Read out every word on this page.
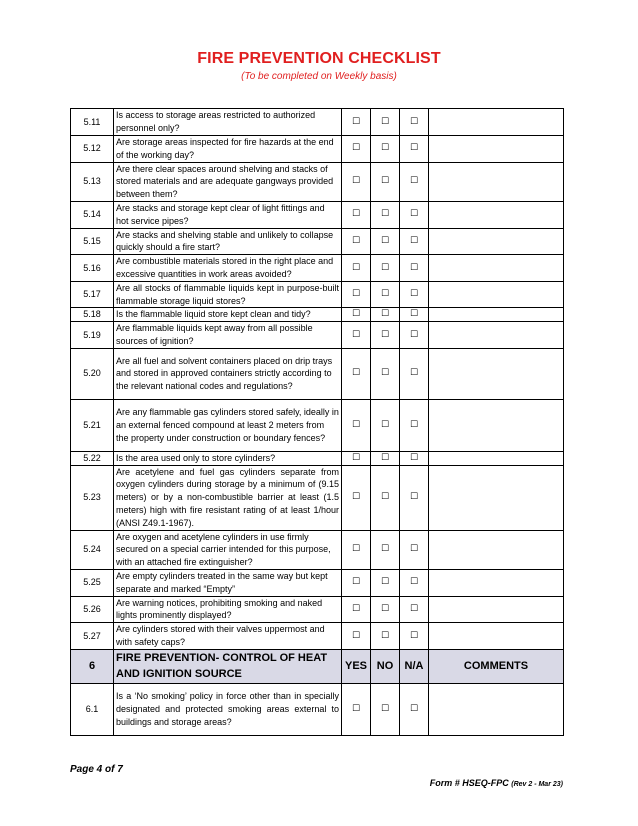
FIRE PREVENTION CHECKLIST
(To be completed on Weekly basis)
5.11	Is access to storage areas restricted to authorized personnel only?	☐	☐	☐	
5.12	Are storage areas inspected for fire hazards at the end of the working day?	☐	☐	☐	
5.13	Are there clear spaces around shelving and stacks of stored materials and are adequate gangways provided between them?	☐	☐	☐	
5.14	Are stacks and storage kept clear of light fittings and hot service pipes?	☐	☐	☐	
5.15	Are stacks and shelving stable and unlikely to collapse quickly should a fire start?	☐	☐	☐	
5.16	Are combustible materials stored in the right place and excessive quantities in work areas avoided?	☐	☐	☐	
5.17	Are all stocks of flammable liquids kept in purpose-built flammable storage liquid stores?	☐	☐	☐	
5.18	Is the flammable liquid store kept clean and tidy?	☐	☐	☐	
5.19	Are flammable liquids kept away from all possible sources of ignition?	☐	☐	☐	
5.20	Are all fuel and solvent containers placed on drip trays and stored in approved containers strictly according to the relevant national codes and regulations?	☐	☐	☐	
5.21	Are any flammable gas cylinders stored safely, ideally in an external fenced compound at least 2 meters from the property under construction or boundary fences?	☐	☐	☐	
5.22	Is the area used only to store cylinders?	☐	☐	☐	
5.23	Are acetylene and fuel gas cylinders separate from oxygen cylinders during storage by a minimum of (9.15 meters) or by a non-combustible barrier at least (1.5 meters) high with fire resistant rating of at least 1/hour (ANSI Z49.1-1967).	☐	☐	☐	
5.24	Are oxygen and acetylene cylinders in use firmly secured on a special carrier intended for this purpose, with an attached fire extinguisher?	☐	☐	☐	
5.25	Are empty cylinders treated in the same way but kept separate and marked “Empty”	☐	☐	☐	
5.26	Are warning notices, prohibiting smoking and naked lights prominently displayed?	☐	☐	☐	
5.27	Are cylinders stored with their valves uppermost and with safety caps?	☐	☐	☐	
6	FIRE PREVENTION- CONTROL OF HEAT AND IGNITION SOURCE	YES	NO	N/A	COMMENTS
6.1	Is a ‘No smoking’ policy in force other than in specially designated and protected smoking areas external to buildings and storage areas?	☐	☐	☐	
Page 4 of 7
Form # HSEQ-FPC (Rev 2 - Mar 23)
